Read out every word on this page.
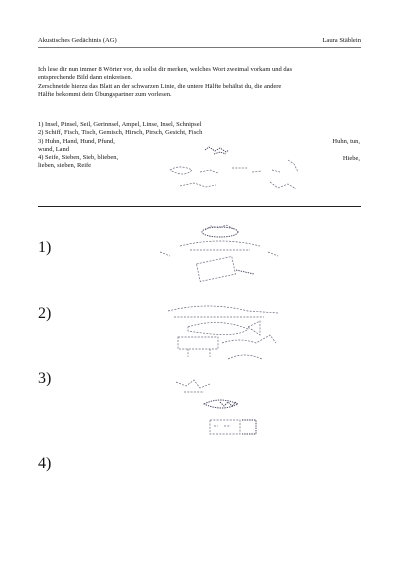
Akustisches Gedächtnis (AG)	Laura Stäblein
Ich lese dir nun immer 8 Wörter vor, du sollst dir merken, welches Wort zweimal vorkam und das
entsprechende Bild dann einkreisen.
Zerschneide hierzu das Blatt an der schwarzen Linie, die untere Hälfte behältst du, die andere
Hälfte bekommt dein Übungspartner zum vorlesen.
1) Insel, Pinsel, Seil, Gerinnsel, Ampel, Linse, Insel, Schnipsel
2) Schiff, Fisch, Tisch, Gemisch, Hirsch, Pirsch, Gesicht, Fisch
3) Huhn, Hand, Hund, Pfund,
wund, Land
4) Seife, Sieben, Sieb, blieben,
lieben, sieben, Reife
Huhn, tun,
Hiebe,
1)
2)
3)
4)
